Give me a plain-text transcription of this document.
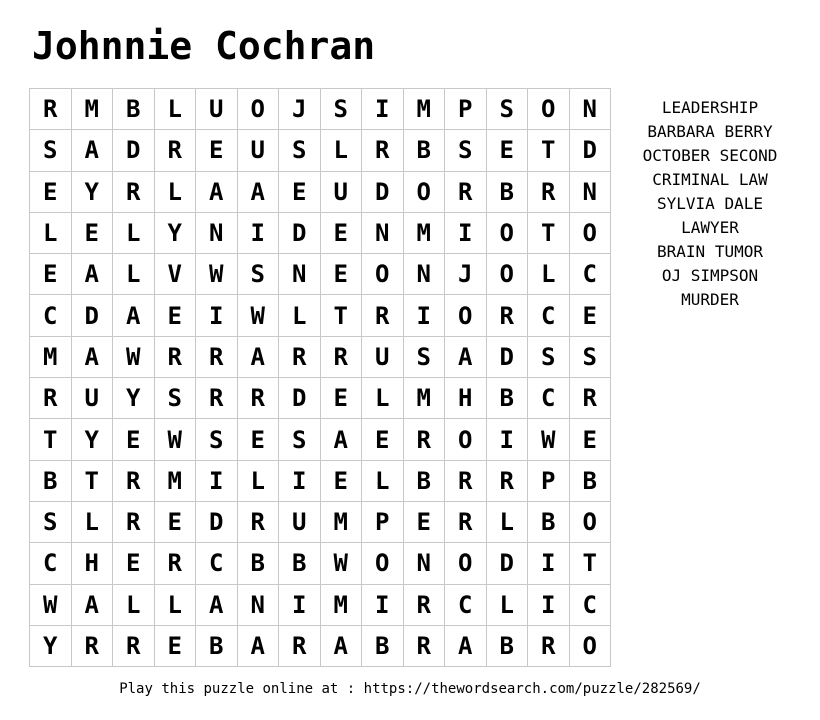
Johnnie Cochran
R	M	B	L	U	O	J	S	I	M	P	S	O	N
S	A	D	R	E	U	S	L	R	B	S	E	T	D
E	Y	R	L	A	A	E	U	D	O	R	B	R	N
L	E	L	Y	N	I	D	E	N	M	I	O	T	O
E	A	L	V	W	S	N	E	O	N	J	O	L	C
C	D	A	E	I	W	L	T	R	I	O	R	C	E
M	A	W	R	R	A	R	R	U	S	A	D	S	S
R	U	Y	S	R	R	D	E	L	M	H	B	C	R
T	Y	E	W	S	E	S	A	E	R	O	I	W	E
B	T	R	M	I	L	I	E	L	B	R	R	P	B
S	L	R	E	D	R	U	M	P	E	R	L	B	O
C	H	E	R	C	B	B	W	O	N	O	D	I	T
W	A	L	L	A	N	I	M	I	R	C	L	I	C
Y	R	R	E	B	A	R	A	B	R	A	B	R	O
LEADERSHIP
BARBARA BERRY
OCTOBER SECOND
CRIMINAL LAW
SYLVIA DALE
LAWYER
BRAIN TUMOR
OJ SIMPSON
MURDER
Play this puzzle online at : https://thewordsearch.com/puzzle/282569/
